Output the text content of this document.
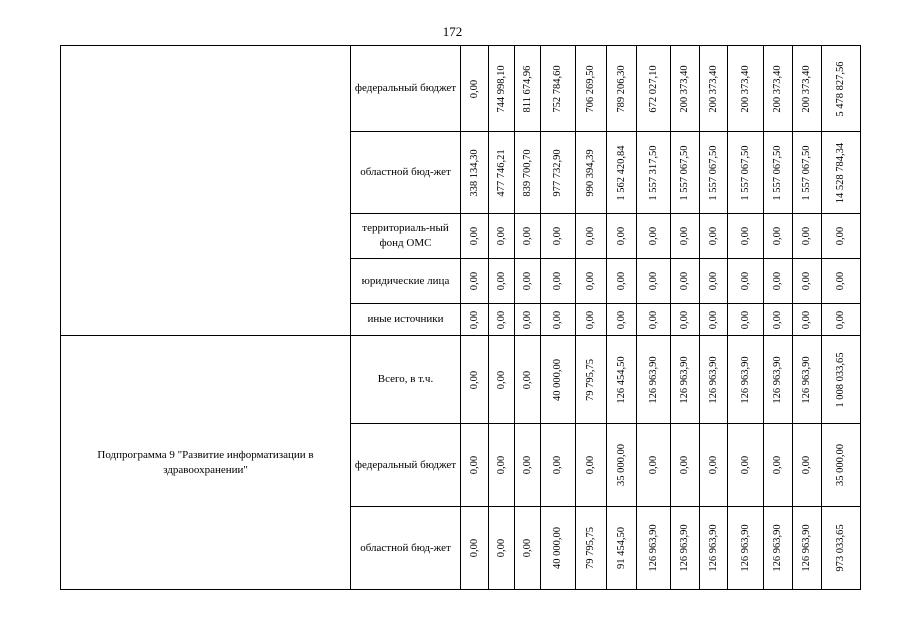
172
	федеральный бюджет	0,00	744 998,10	811 674,96	752 784,60	706 269,50	789 206,30	672 027,10	200 373,40	200 373,40	200 373,40	200 373,40	200 373,40	5 478 827,56

	областной бюд-жет	338 134,30	477 746,21	839 700,70	977 732,90	990 394,39	1 562 420,84	1 557 317,50	1 557 067,50	1 557 067,50	1 557 067,50	1 557 067,50	1 557 067,50	14 528 784,34

	территориаль-ный фонд ОМС	0,00	0,00	0,00	0,00	0,00	0,00	0,00	0,00	0,00	0,00	0,00	0,00	0,00

	юридические лица	0,00	0,00	0,00	0,00	0,00	0,00	0,00	0,00	0,00	0,00	0,00	0,00	0,00

	иные источники	0,00	0,00	0,00	0,00	0,00	0,00	0,00	0,00	0,00	0,00	0,00	0,00	0,00

Подпрограмма 9 "Развитие информатизации в здравоохранении"	Всего, в т.ч.	0,00	0,00	0,00	40 000,00	79 795,75	126 454,50	126 963,90	126 963,90	126 963,90	126 963,90	126 963,90	126 963,90	1 008 033,65

	федеральный бюджет	0,00	0,00	0,00	0,00	0,00	35 000,00	0,00	0,00	0,00	0,00	0,00	0,00	35 000,00

	областной бюд-жет	0,00	0,00	0,00	40 000,00	79 795,75	91 454,50	126 963,90	126 963,90	126 963,90	126 963,90	126 963,90	126 963,90	973 033,65
